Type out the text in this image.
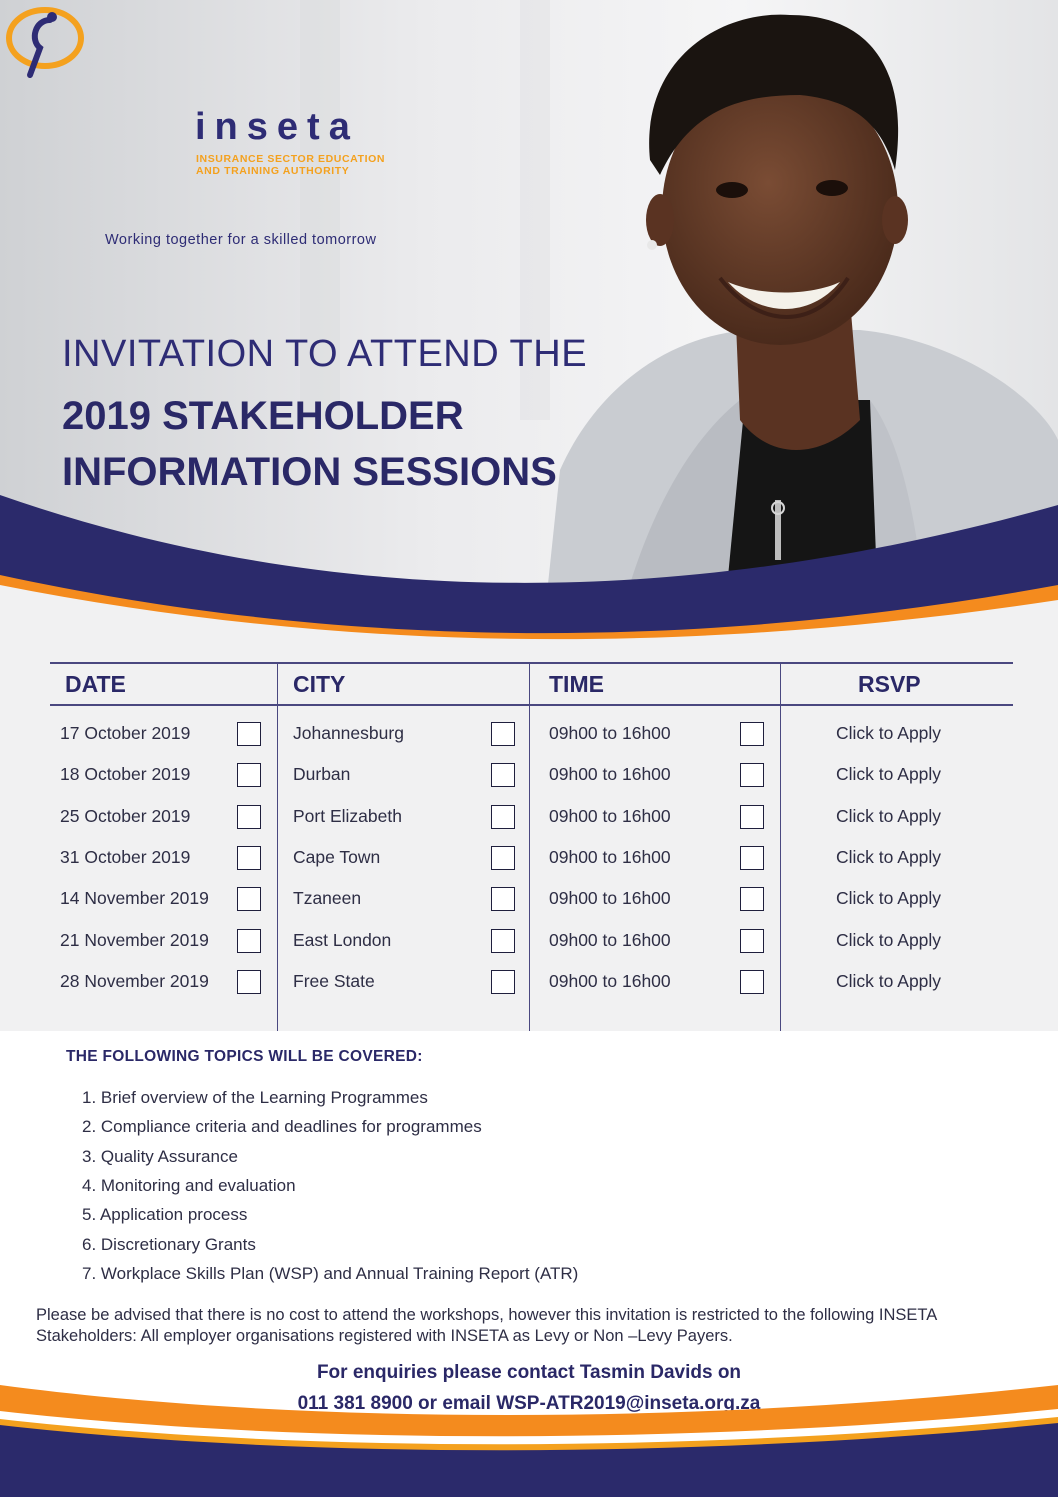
inseta
INSURANCE SECTOR EDUCATION
AND TRAINING AUTHORITY
Working together for a skilled tomorrow
INVITATION TO ATTEND THE
2019 STAKEHOLDER
INFORMATION SESSIONS
DATE	CITY	TIME	RSVP
17 October 2019	Johannesburg	09h00 to 16h00	Click to Apply
18 October 2019	Durban	09h00 to 16h00	Click to Apply
25 October 2019	Port Elizabeth	09h00 to 16h00	Click to Apply
31 October 2019	Cape Town	09h00 to 16h00	Click to Apply
14 November 2019	Tzaneen	09h00 to 16h00	Click to Apply
21 November 2019	East London	09h00 to 16h00	Click to Apply
28 November 2019	Free State	09h00 to 16h00	Click to Apply
THE FOLLOWING TOPICS WILL BE COVERED:
1. Brief overview of the Learning Programmes
2. Compliance criteria and deadlines for programmes
3. Quality Assurance
4. Monitoring and evaluation
5. Application process
6. Discretionary Grants
7. Workplace Skills Plan (WSP) and Annual Training Report (ATR)
Please be advised that there is no cost to attend the workshops, however this invitation is restricted to the following INSETA Stakeholders: All employer organisations registered with INSETA as Levy or Non –Levy Payers.
For enquiries please contact Tasmin Davids on
011 381 8900 or email WSP-ATR2019@inseta.org.za
